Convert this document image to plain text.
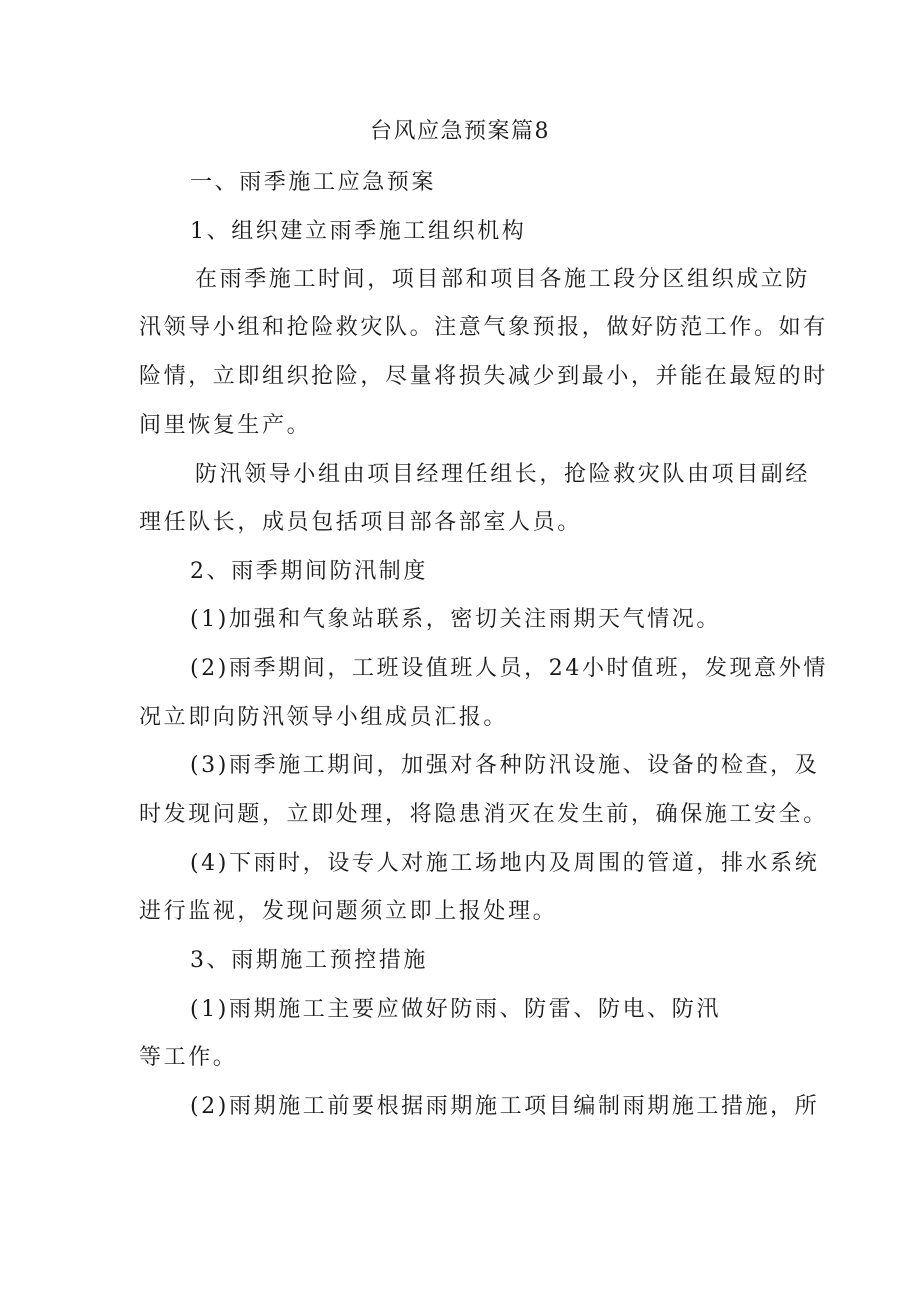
台风应急预案篇8
一、雨季施工应急预案
1、组织建立雨季施工组织机构
在雨季施工时间，项目部和项目各施工段分区组织成立防
汛领导小组和抢险救灾队。注意气象预报，做好防范工作。如有
险情，立即组织抢险，尽量将损失减少到最小，并能在最短的时
间里恢复生产。
防汛领导小组由项目经理任组长，抢险救灾队由项目副经
理任队长，成员包括项目部各部室人员。
2、雨季期间防汛制度
(1)加强和气象站联系，密切关注雨期天气情况。
(2)雨季期间，工班设值班人员，24小时值班，发现意外情
况立即向防汛领导小组成员汇报。
(3)雨季施工期间，加强对各种防汛设施、设备的检查，及
时发现问题，立即处理，将隐患消灭在发生前，确保施工安全。
(4)下雨时，设专人对施工场地内及周围的管道，排水系统
进行监视，发现问题须立即上报处理。
3、雨期施工预控措施
(1)雨期施工主要应做好防雨、防雷、防电、防汛
等工作。
(2)雨期施工前要根据雨期施工项目编制雨期施工措施，所
